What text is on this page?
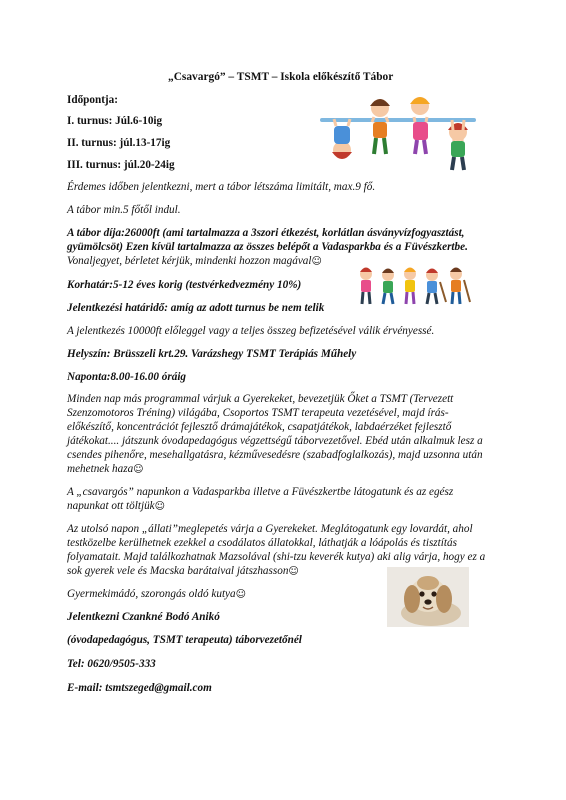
„Csavargó” – TSMT – Iskola előkészítő Tábor

Időpontja:

I. turnus: Júl.6-10ig

II. turnus: júl.13-17ig

III. turnus: júl.20-24ig

Érdemes időben jelentkezni, mert a tábor létszáma limitált, max.9 fő.

A tábor min.5 főtől indul.

A tábor díja:26000ft (ami tartalmazza a 3szori étkezést, korlátlan ásványvízfogyasztást,

gyümölcsöt) Ezen kívül tartalmazza az összes belépőt a Vadasparkba és a Füvészkertbe.

Vonaljegyet, bérletet kérjük, mindenki hozzon magával☺

Korhatár:5-12 éves korig (testvérkedvezmény 10%)

Jelentkezési határidő: amíg az adott turnus be nem telik

A jelentkezés 10000ft előleggel vagy a teljes összeg befizetésével válik érvényessé.

Helyszín: Brüsszeli krt.29. Varázshegy TSMT Terápiás Műhely

Naponta:8.00-16.00 óráig

Minden nap más programmal várjuk a Gyerekeket, bevezetjük Őket a TSMT (Tervezett

Szenzomotoros Tréning) világába, Csoportos TSMT terapeuta vezetésével, majd írás-

előkészítő, koncentrációt fejlesztő drámajátékok, csapatjátékok, labdaérzéket fejlesztő

játékokat.... játszunk óvodapedagógus végzettségű táborvezetővel. Ebéd után alkalmuk lesz a

csendes pihenőre, mesehallgatásra, kézművesedésre (szabadfoglalkozás), majd uzsonna után

mehetnek haza☺

A „csavargós” napunkon a Vadasparkba illetve a Füvészkertbe látogatunk és az egész

napunkat ott töltjük☺

Az utolsó napon „állati”meglepetés várja a Gyerekeket. Meglátogatunk egy lovardát, ahol

testközelbe kerülhetnek ezekkel a csodálatos állatokkal, láthatják a lóápolás és tisztítás

folyamatait. Majd találkozhatnak Mazsolával (shi-tzu keverék kutya) aki alig várja, hogy ez a

sok gyerek vele és Macska barátaival játszhasson☺

Gyermekimádó, szorongás oldó kutya☺

Jelentkezni Czankné Bodó Anikó

(óvodapedagógus, TSMT terapeuta) táborvezetőnél

Tel: 0620/9505-333

E-mail: tsmtszeged@gmail.com
